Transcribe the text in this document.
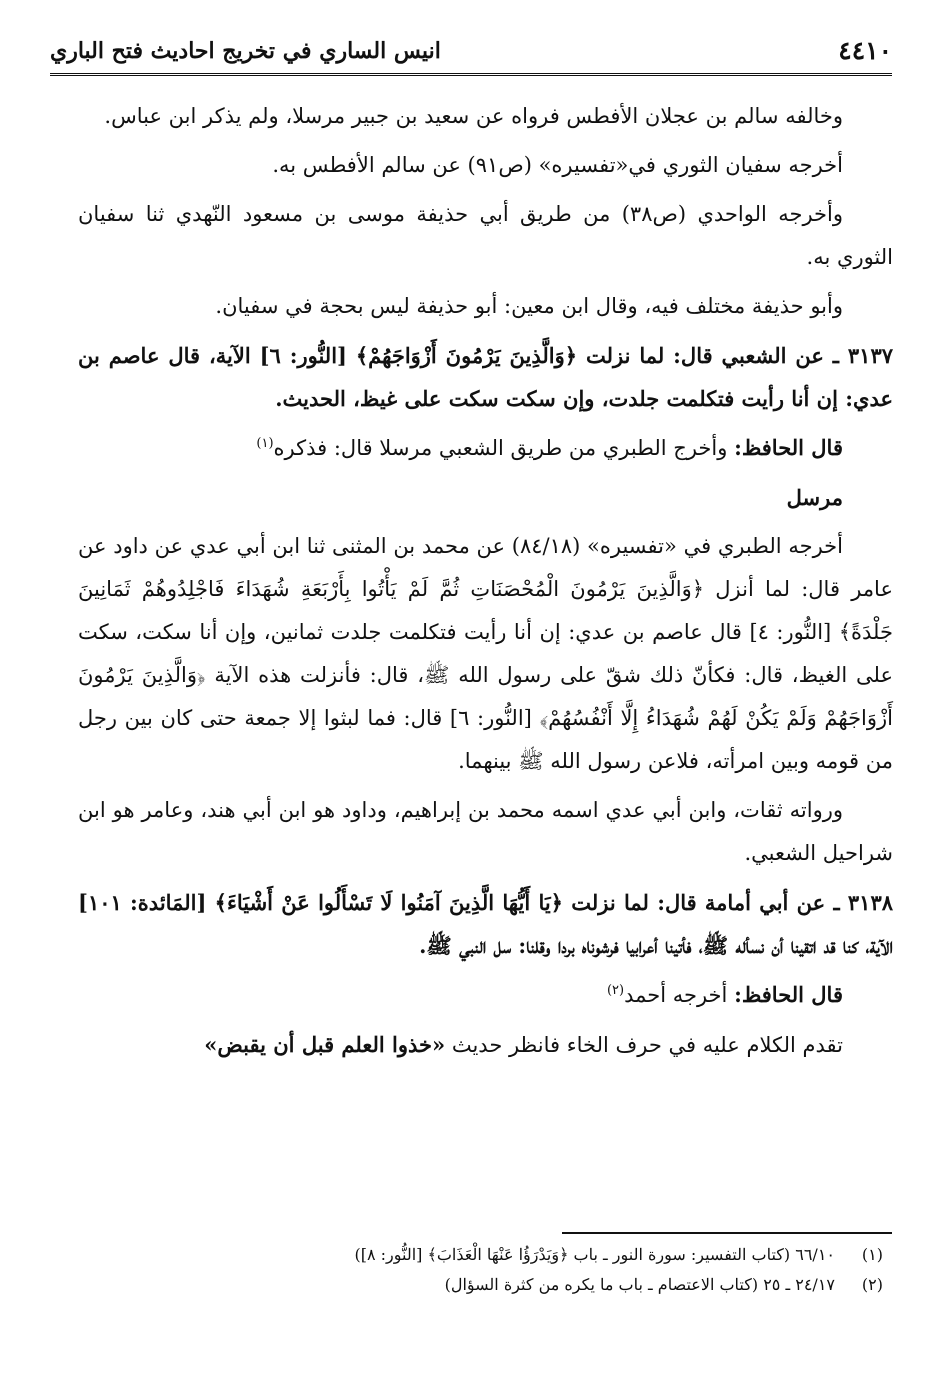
٤٤١٠
انيس الساري في تخريج احاديث فتح الباري

وخالفه سالم بن عجلان الأفطس فرواه عن سعيد بن جبير مرسلا، ولم يذكر ابن عباس.

أخرجه سفيان الثوري في«تفسيره» (ص٩١) عن سالم الأفطس به.

وأخرجه الواحدي (ص٣٨) من طريق أبي حذيفة موسى بن مسعود النّهدي ثنا سفيان الثوري به.

وأبو حذيفة مختلف فيه، وقال ابن معين: أبو حذيفة ليس بحجة في سفيان.

٣١٣٧ ـ عن الشعبي قال: لما نزلت ﴿وَالَّذِينَ يَرْمُونَ أَزْوَاجَهُمْ﴾ [النُّور: ٦] الآية، قال عاصم بن عدي: إن أنا رأيت فتكلمت جلدت، وإن سكت سكت على غيظ، الحديث.

قال الحافظ: وأخرج الطبري من طريق الشعبي مرسلا قال: فذكره$^{(١)}$

مرسل

أخرجه الطبري في «تفسيره» (٨٤/١٨) عن محمد بن المثنى ثنا ابن أبي عدي عن داود عن عامر قال: لما أنزل ﴿وَالَّذِينَ يَرْمُونَ الْمُحْصَنَاتِ ثُمَّ لَمْ يَأْتُوا بِأَرْبَعَةِ شُهَدَاءَ فَاجْلِدُوهُمْ ثَمَانِينَ جَلْدَةً﴾ [النُّور: ٤] قال عاصم بن عدي: إن أنا رأيت فتكلمت جلدت ثمانين، وإن أنا سكت، سكت على الغيظ، قال: فكأنّ ذلك شقّ على رسول الله ﷺ، قال: فأنزلت هذه الآية ﴿وَالَّذِينَ يَرْمُونَ أَزْوَاجَهُمْ وَلَمْ يَكُنْ لَهُمْ شُهَدَاءُ إِلَّا أَنْفُسُهُمْ﴾ [النُّور: ٦] قال: فما لبثوا إلا جمعة حتى كان بين رجل من قومه وبين امرأته، فلاعن رسول الله ﷺ بينهما.

ورواته ثقات، وابن أبي عدي اسمه محمد بن إبراهيم، وداود هو ابن أبي هند، وعامر هو ابن شراحيل الشعبي.

٣١٣٨ ـ عن أبي أمامة قال: لما نزلت ﴿يَا أَيُّهَا الَّذِينَ آمَنُوا لَا تَسْأَلُوا عَنْ أَشْيَاءَ﴾ [المَائدة: ١٠١] الآية، كنا قد اتقينا أن نسأله ﷺ، فأتينا أعرابيا فرشوناه بردا وقلنا: سل النبي ﷺ.

قال الحافظ: أخرجه أحمد$^{(٢)}$

تقدم الكلام عليه في حرف الخاء فانظر حديث «خذوا العلم قبل أن يقبض»

(١)٦٦/١٠ (كتاب التفسير: سورة النور ـ باب ﴿وَيَدْرَؤُا عَنْهَا الْعَذَابَ﴾ [النُّور: ٨])
(٢)٢٤/١٧ ـ ٢٥ (كتاب الاعتصام ـ باب ما يكره من كثرة السؤال)
